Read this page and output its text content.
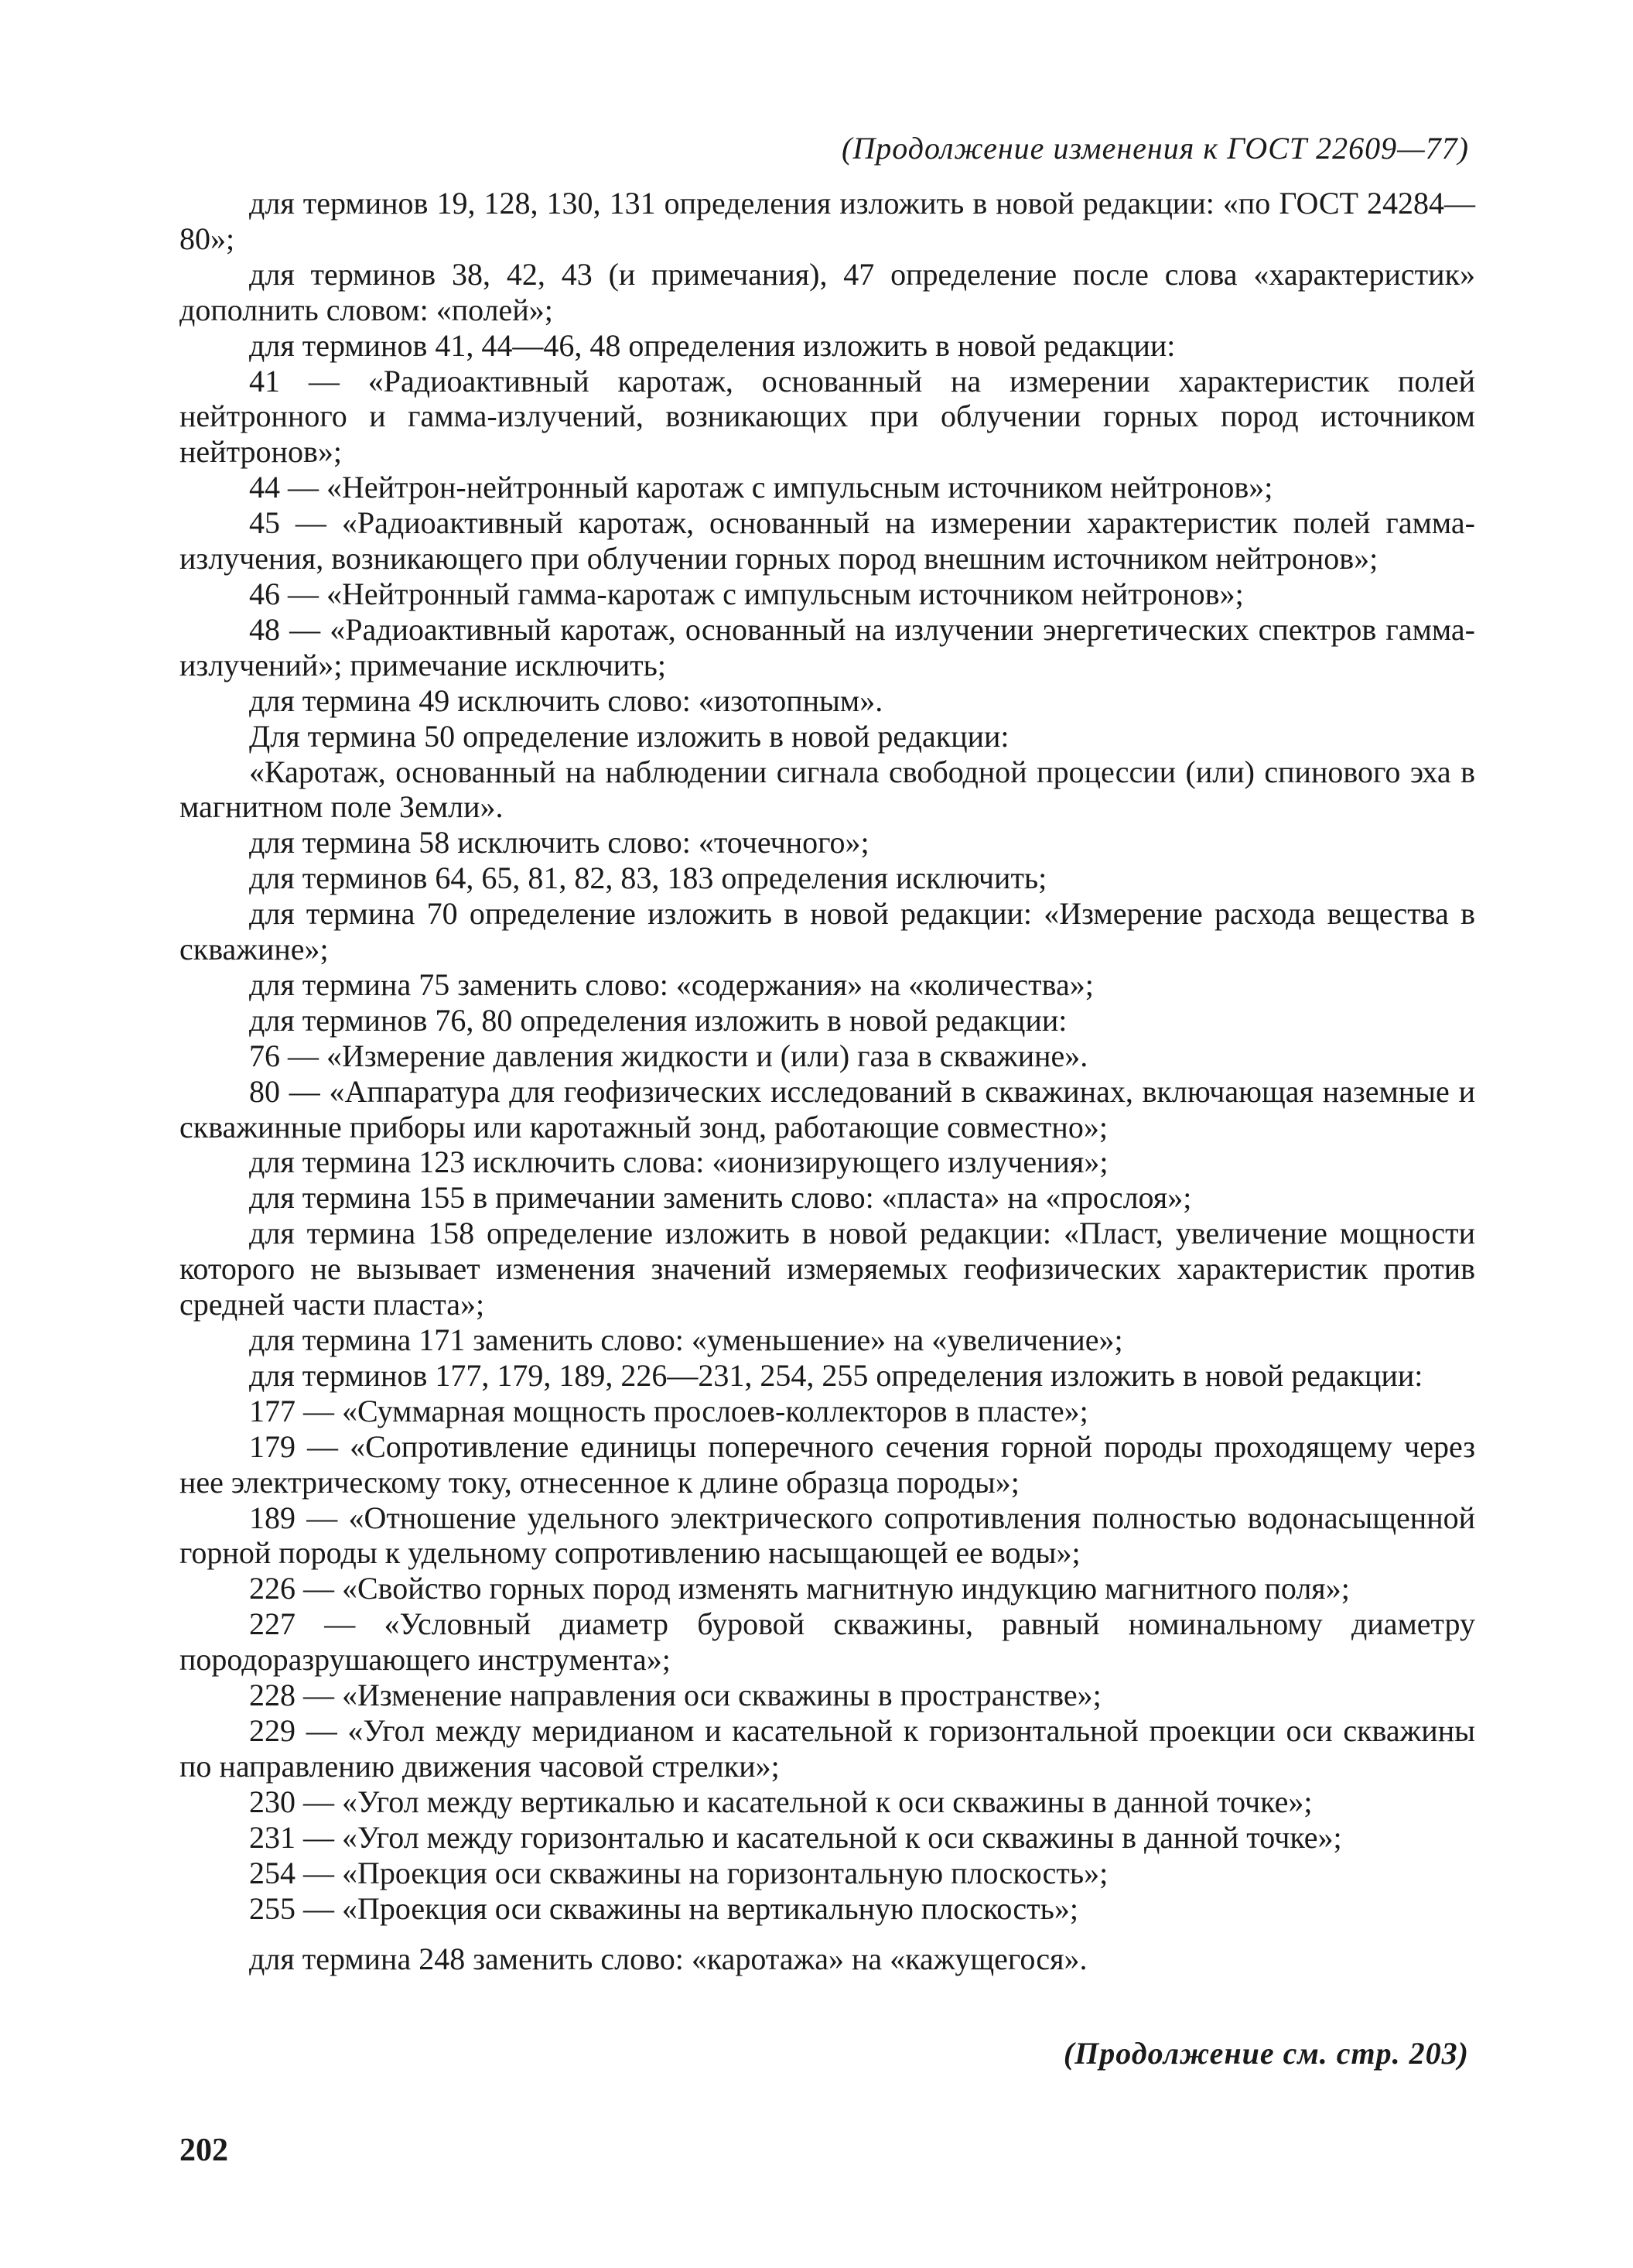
(Продолжение изменения к ГОСТ 22609—77)

для терминов 19, 128, 130, 131 определения изложить в новой редакции: «по ГОСТ 24284—80»;

для терминов 38, 42, 43 (и примечания), 47 определение после слова «характеристик» дополнить словом: «полей»;

для терминов 41, 44—46, 48 определения изложить в новой редакции:

41 — «Радиоактивный каротаж, основанный на измерении характеристик полей нейтронного и гамма-излучений, возникающих при облучении горных пород источником нейтронов»;

44 — «Нейтрон-нейтронный каротаж с импульсным источником нейтронов»;

45 — «Радиоактивный каротаж, основанный на измерении характеристик полей гамма-излучения, возникающего при облучении горных пород внешним источником нейтронов»;

46 — «Нейтронный гамма-каротаж с импульсным источником нейтронов»;

48 — «Радиоактивный каротаж, основанный на излучении энергетических спектров гамма-излучений»; примечание исключить;

для термина 49 исключить слово: «изотопным».

Для термина 50 определение изложить в новой редакции:

«Каротаж, основанный на наблюдении сигнала свободной процессии (или) спинового эха в магнитном поле Земли».

для термина 58 исключить слово: «точечного»;

для терминов 64, 65, 81, 82, 83, 183 определения исключить;

для термина 70 определение изложить в новой редакции: «Измерение расхода вещества в скважине»;

для термина 75 заменить слово: «содержания» на «количества»;

для терминов 76, 80 определения изложить в новой редакции:

76 — «Измерение давления жидкости и (или) газа в скважине».

80 — «Аппаратура для геофизических исследований в скважинах, включающая наземные и скважинные приборы или каротажный зонд, работающие совместно»;

для термина 123 исключить слова: «ионизирующего излучения»;

для термина 155 в примечании заменить слово: «пласта» на «прослоя»;

для термина 158 определение изложить в новой редакции: «Пласт, увеличение мощности которого не вызывает изменения значений измеряемых геофизических характеристик против средней части пласта»;

для термина 171 заменить слово: «уменьшение» на «увеличение»;

для терминов 177, 179, 189, 226—231, 254, 255 определения изложить в новой редакции:

177 — «Суммарная мощность прослоев-коллекторов в пласте»;

179 — «Сопротивление единицы поперечного сечения горной породы проходящему через нее электрическому току, отнесенное к длине образца породы»;

189 — «Отношение удельного электрического сопротивления полностью водонасыщенной горной породы к удельному сопротивлению насыщающей ее воды»;

226 — «Свойство горных пород изменять магнитную индукцию магнитного поля»;

227 — «Условный диаметр буровой скважины, равный номинальному диаметру породоразрушающего инструмента»;

228 — «Изменение направления оси скважины в пространстве»;

229 — «Угол между меридианом и касательной к горизонтальной проекции оси скважины по направлению движения часовой стрелки»;

230 — «Угол между вертикалью и касательной к оси скважины в данной точке»;

231 — «Угол между горизонталью и касательной к оси скважины в данной точке»;

254 — «Проекция оси скважины на горизонтальную плоскость»;

255 — «Проекция оси скважины на вертикальную плоскость»;

для термина 248 заменить слово: «каротажа» на «кажущегося».

(Продолжение см. стр. 203)
202
